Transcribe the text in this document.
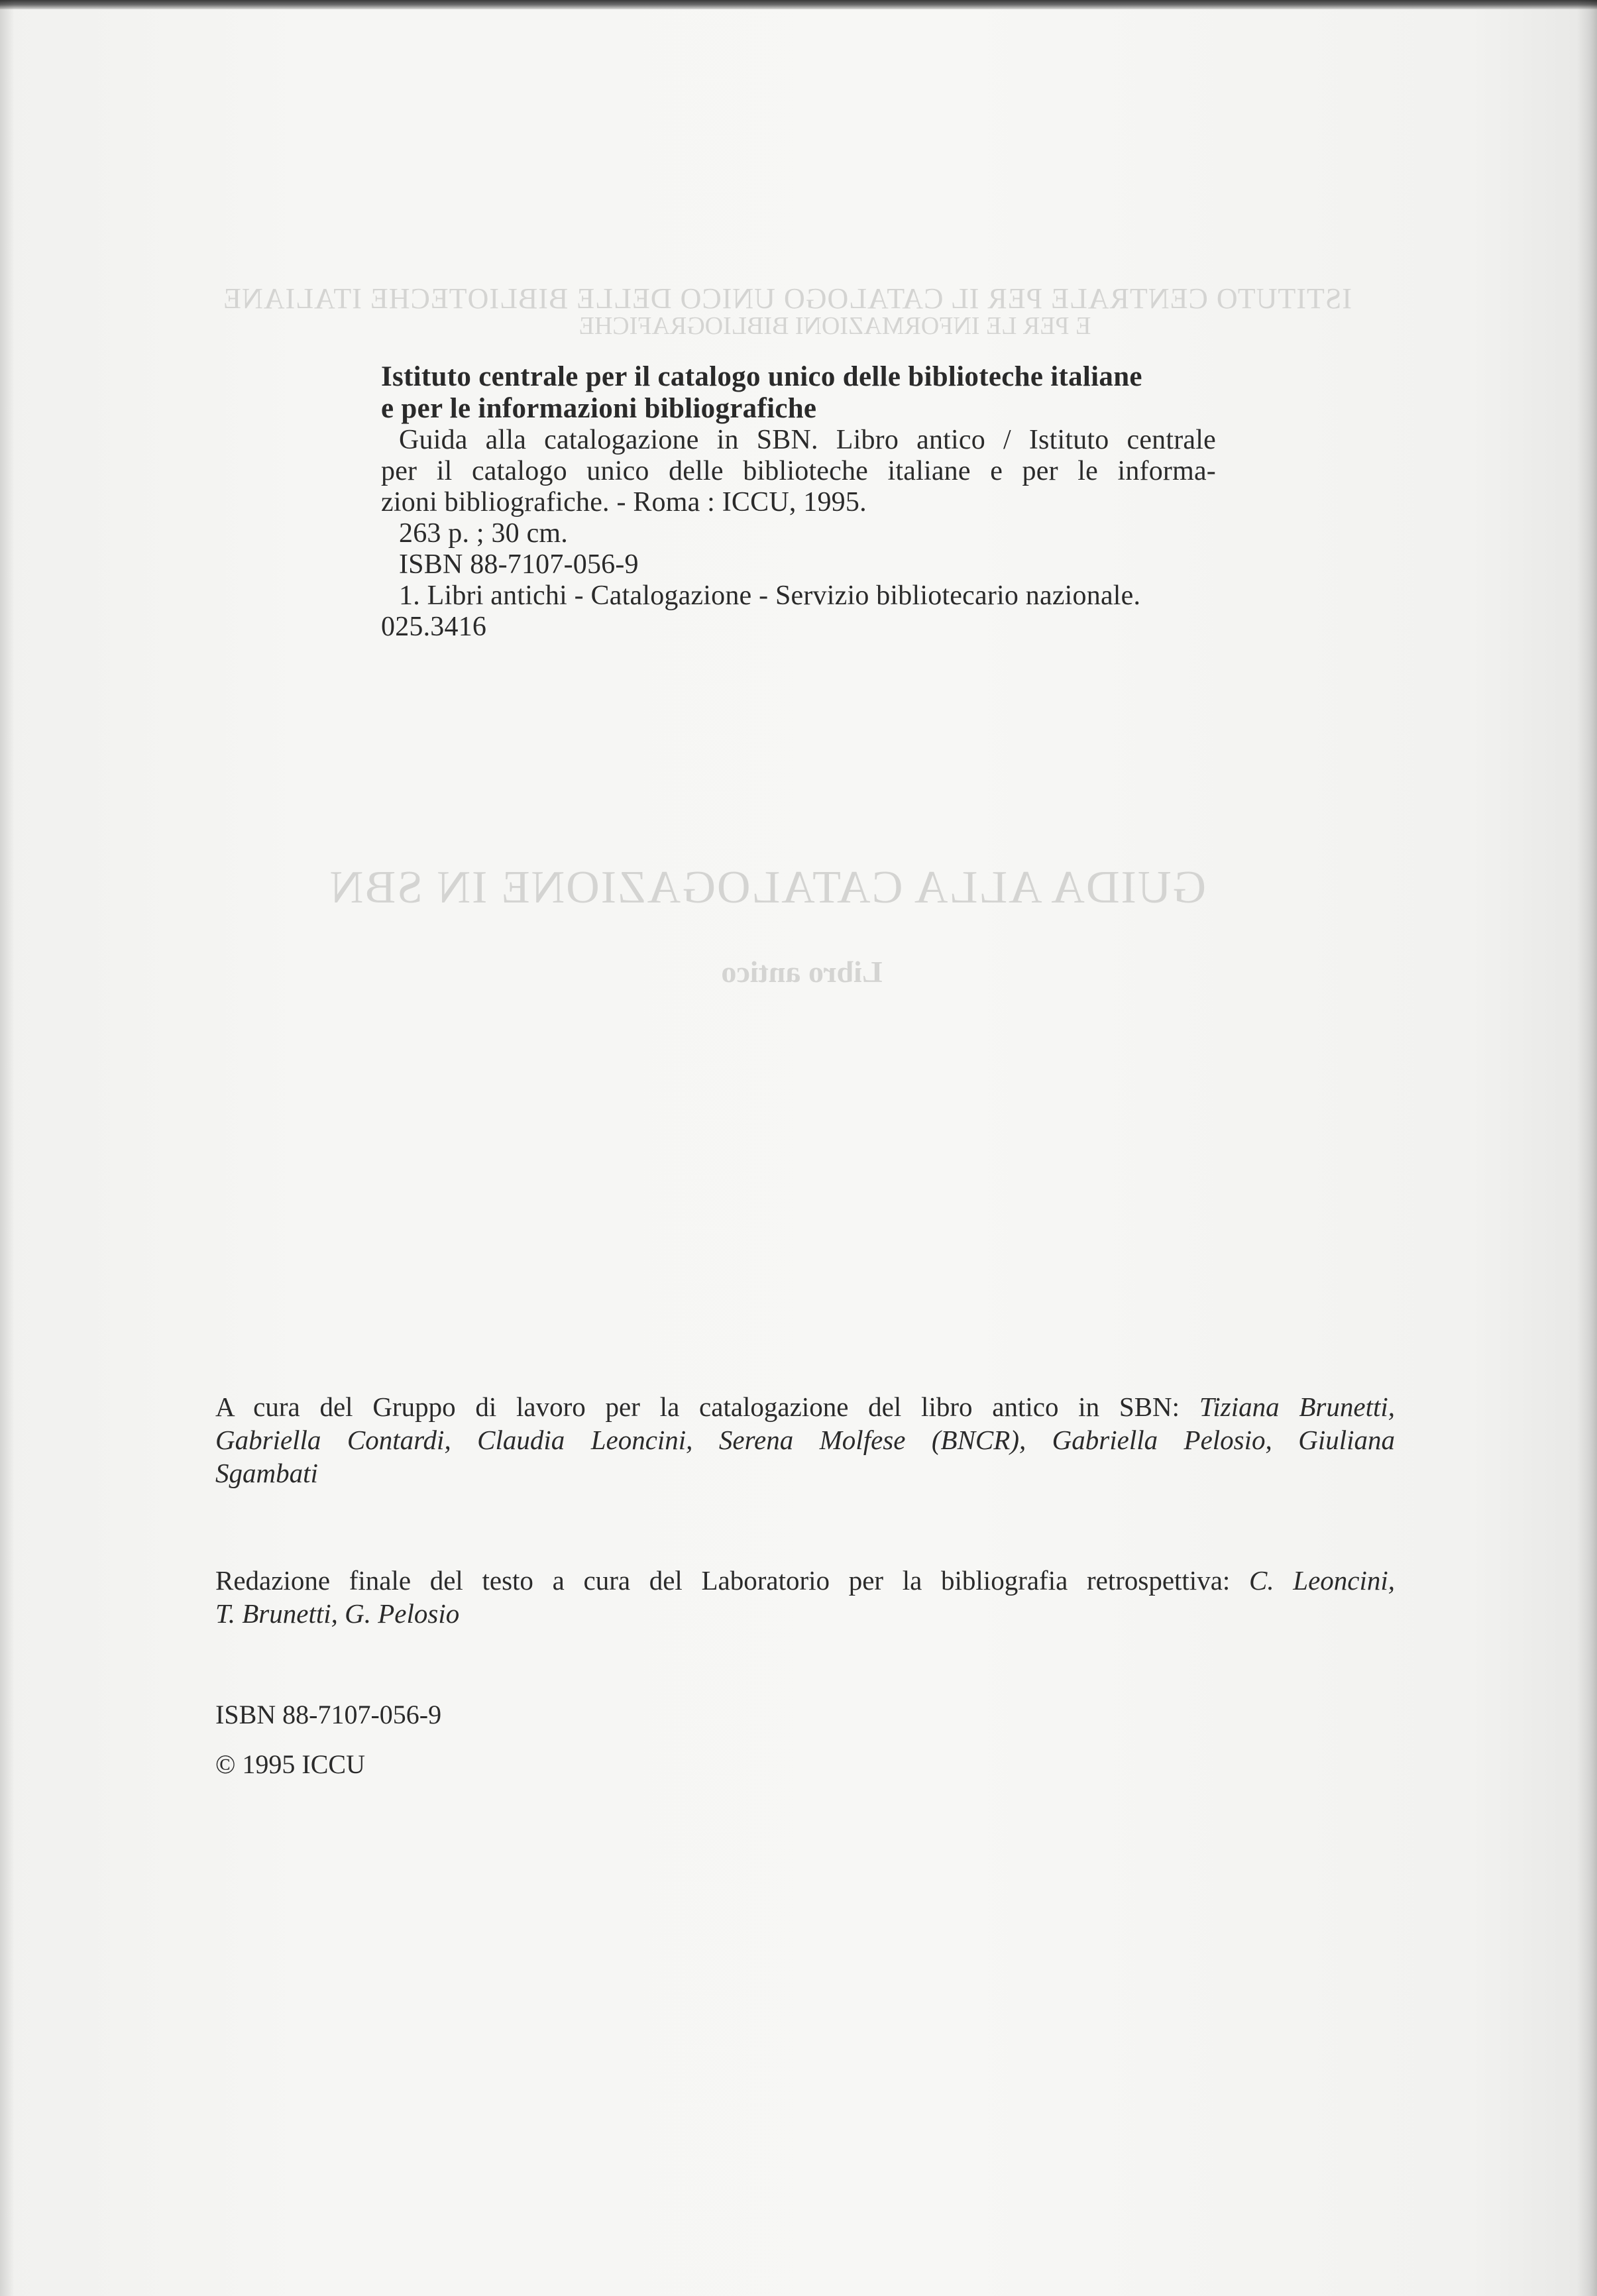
ISTITUTO CENTRALE PER IL CATALOGO UNICO DELLE BIBLIOTECHE ITALIANE
E PER LE INFORMAZIONI BIBLIOGRAFICHE
GUIDA ALLA CATALOGAZIONE IN SBN
Libro antico
Istituto centrale per il catalogo unico delle biblioteche italiane
e per le informazioni bibliografiche
Guida alla catalogazione in SBN. Libro antico / Istituto centrale
per il catalogo unico delle biblioteche italiane e per le informa-
zioni bibliografiche. - Roma : ICCU, 1995.
263 p. ; 30 cm.
ISBN 88-7107-056-9
1. Libri antichi - Catalogazione - Servizio bibliotecario nazionale.
025.3416
A cura del Gruppo di lavoro per la catalogazione del libro antico in SBN: Tiziana Brunetti,
Gabriella Contardi, Claudia Leoncini, Serena Molfese (BNCR), Gabriella Pelosio, Giuliana
Sgambati
Redazione finale del testo a cura del Laboratorio per la bibliografia retrospettiva: C. Leoncini,
T. Brunetti, G. Pelosio
ISBN 88-7107-056-9
© 1995 ICCU
